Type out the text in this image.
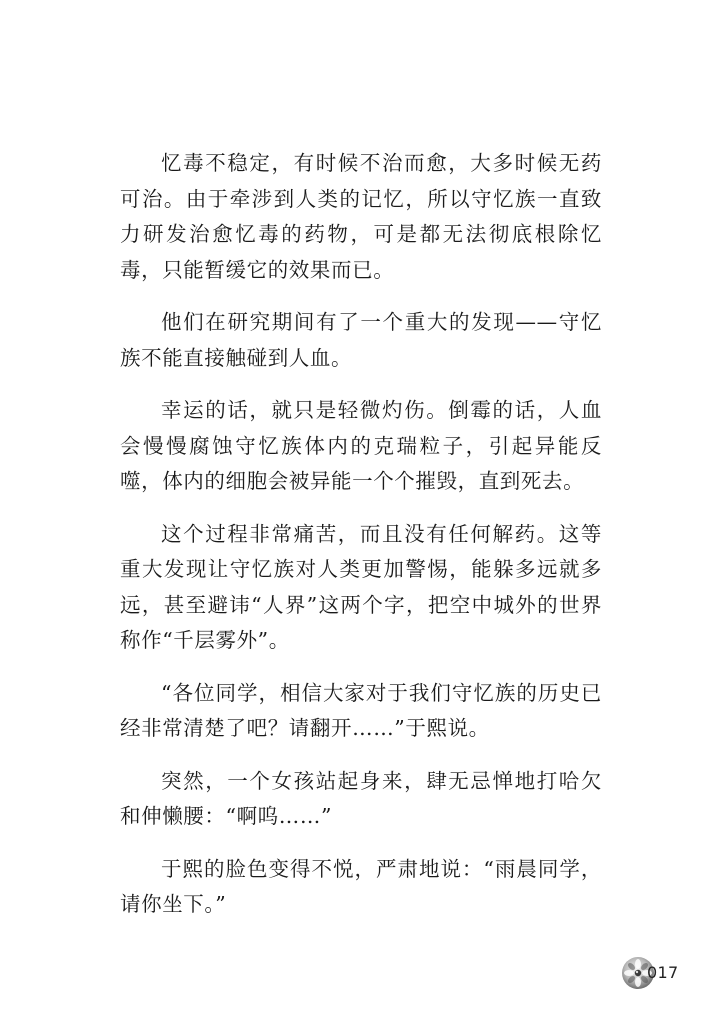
忆毒不稳定，有时候不治而愈，大多时候无药可治。由于牵涉到人类的记忆，所以守忆族一直致力研发治愈忆毒的药物，可是都无法彻底根除忆毒，只能暂缓它的效果而已。

他们在研究期间有了一个重大的发现——守忆族不能直接触碰到人血。

幸运的话，就只是轻微灼伤。倒霉的话，人血会慢慢腐蚀守忆族体内的克瑞粒子，引起异能反噬，体内的细胞会被异能一个个摧毁，直到死去。

这个过程非常痛苦，而且没有任何解药。这等重大发现让守忆族对人类更加警惕，能躲多远就多远，甚至避讳“人界”这两个字，把空中城外的世界称作“千层雾外”。

“各位同学，相信大家对于我们守忆族的历史已经非常清楚了吧？请翻开……”于熙说。

突然，一个女孩站起身来，肆无忌惮地打哈欠和伸懒腰：“啊呜……”

于熙的脸色变得不悦，严肃地说：“雨晨同学，请你坐下。”

017
